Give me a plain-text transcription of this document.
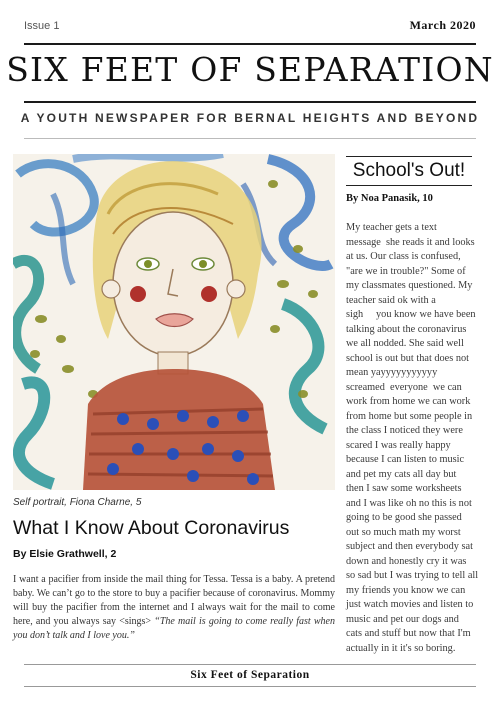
Issue 1	March 2020
SIX FEET OF SEPARATION
A YOUTH NEWSPAPER FOR BERNAL HEIGHTS AND BEYOND
Self portrait, Fiona Charne, 5
What I Know About Coronavirus
By Elsie Grathwell, 2

I want a pacifier from inside the mail thing for Tessa. Tessa is a baby. A pretend baby. We can’t go to the store to buy a pacifier because of coronavirus. Mommy will buy the pacifier from the internet and I always wait for the mail to come here, and you always say <sings> “The mail is going to come really fast when you don’t talk and I love you.”

School's Out!
By Noa Panasik, 10

My teacher gets a text
message  she reads it and looks
at us. Our class is confused,
"are we in trouble?" Some of
my classmates questioned. My
teacher said ok with a
sigh     you know we have been
talking about the coronavirus
we all nodded. She said well
school is out but that does not
mean yayyyyyyyyyyy
screamed  everyone  we can
work from home we can work
from home but some people in
the class I noticed they were
scared I was really happy
because I can listen to music
and pet my cats all day but
then I saw some worksheets
and I was like oh no this is not
going to be good she passed
out so much math my worst
subject and then everybody sat
down and honestly cry it was
so sad but I was trying to tell all
my friends you know we can
just watch movies and listen to
music and pet our dogs and
cats and stuff but now that I'm
actually in it it's so boring.

Six Feet of Separation
